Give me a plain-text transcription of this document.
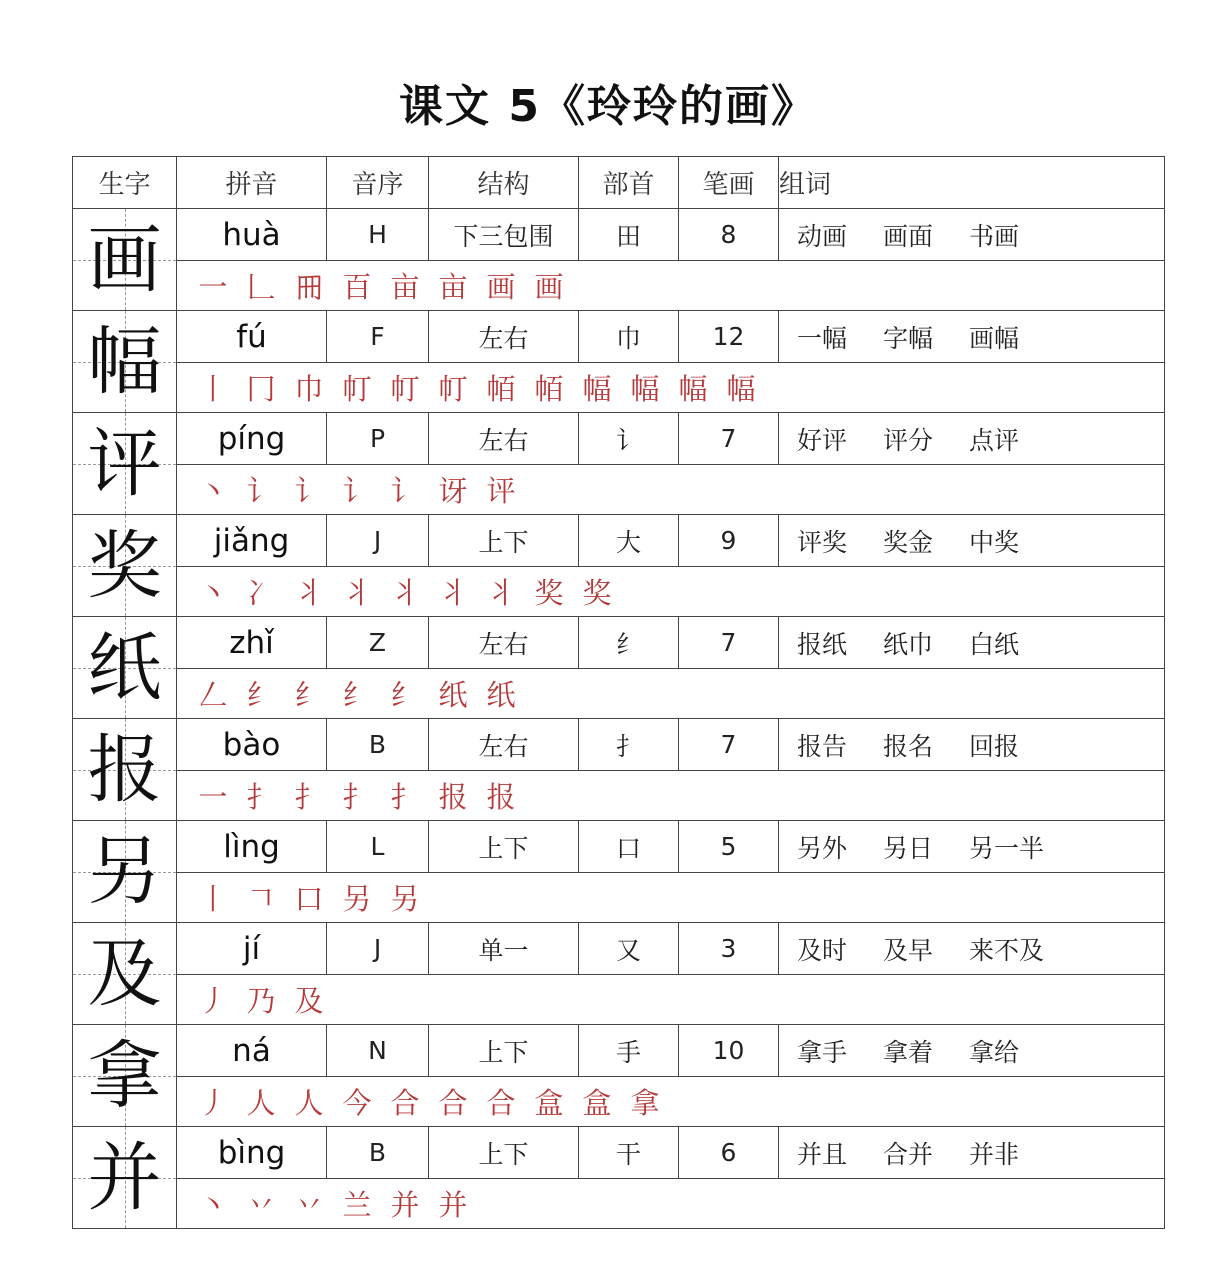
课文 5《玲玲的画》
生字	拼音	音序	结构	部首	笔画	组词

画	huà	H	下三包围	田	8	动画 画面 书画
	一 𠃊 𠕁 百 亩 亩 画 画					

幅	fú	F	左右	巾	12	一幅 字幅 画幅
	丨 冂 巾 帄 帄 帄 帞 帞 幅 幅 幅 幅					

评	píng	P	左右	讠	7	好评 评分 点评
	丶 讠 讠 讠 讠 讶 评					

奖	jiǎng	J	上下	大	9	评奖 奖金 中奖
	丶 冫 丬 丬 丬 丬 丬 奖 奖					

纸	zhǐ	Z	左右	纟	7	报纸 纸巾 白纸
	𠃋 纟 纟 纟 纟 纸 纸					

报	bào	B	左右	扌	7	报告 报名 回报
	一 扌 扌 扌 扌 报 报					

另	lìng	L	上下	口	5	另外 另日 另一半
	丨 𠃍 口 另 另					

及	jí	J	单一	又	3	及时 及早 来不及
	丿 乃 及					

拿	ná	N	上下	手	10	拿手 拿着 拿给
	丿 人 人 今 合 合 合 盒 盒 拿					

并	bìng	B	上下	干	6	并且 合并 并非
	丶 丷 丷 兰 并 并					
